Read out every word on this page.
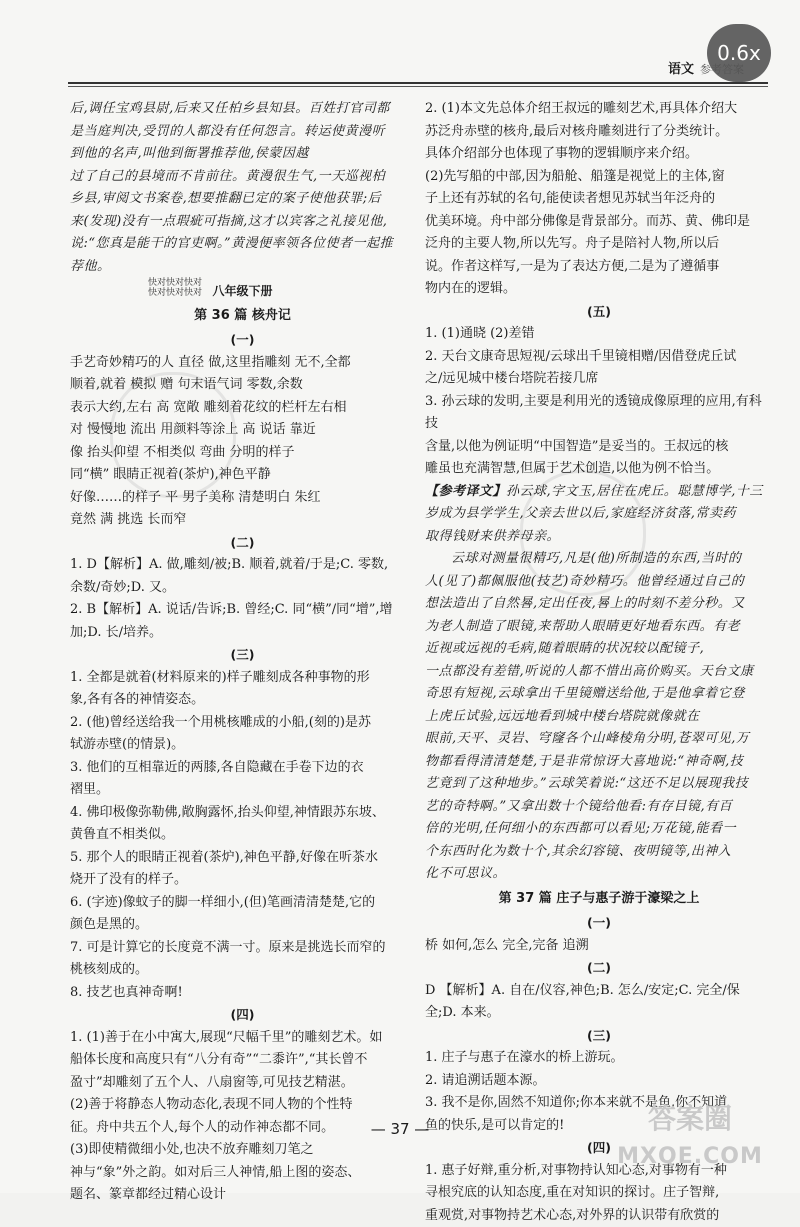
0.6x
语文 参考答案

后,调任宝鸡县尉,后来又任柏乡县知县。百姓打官司都

是当庭判决,受罚的人都没有任何怨言。转运使黄漫听

到他的名声,叫他到衙署推荐他,侯蒙因越

过了自己的县境而不肯前往。黄漫很生气,一天巡视柏

乡县,审阅文书案卷,想要推翻已定的案子使他获罪;后

来(发现)没有一点瑕疵可指摘,这才以宾客之礼接见他,

说:“您真是能干的官吏啊。”黄漫便率领各位使者一起推

荐他。

快对快对快对
快对快对快对 八年级下册
第 36 篇 核舟记
(一)

手艺奇妙精巧的人 直径 做,这里指雕刻 无不,全都

顺着,就着 模拟 赠 句末语气词 零数,余数

表示大约,左右 高 宽敞 雕刻着花纹的栏杆左右相

对 慢慢地 流出 用颜料等涂上 高 说话 靠近

像 抬头仰望 不相类似 弯曲 分明的样子

同“横” 眼睛正视着(茶炉),神色平静

好像……的样子 平 男子美称 清楚明白 朱红

竟然 满 挑选 长而窄

(二)

1. D【解析】A. 做,雕刻/被;B. 顺着,就着/于是;C. 零数,

余数/奇妙;D. 又。

2. B【解析】A. 说话/告诉;B. 曾经;C. 同“横”/同“增”,增

加;D. 长/培养。

(三)

1. 全都是就着(材料原来的)样子雕刻成各种事物的形

象,各有各的神情姿态。

2. (他)曾经送给我一个用桃核雕成的小船,(刻的)是苏

轼游赤壁(的情景)。

3. 他们的互相靠近的两膝,各自隐藏在手卷下边的衣

褶里。

4. 佛印极像弥勒佛,敞胸露怀,抬头仰望,神情跟苏东坡、

黄鲁直不相类似。

5. 那个人的眼睛正视着(茶炉),神色平静,好像在听茶水

烧开了没有的样子。

6. (字迹)像蚊子的脚一样细小,(但)笔画清清楚楚,它的

颜色是黑的。

7. 可是计算它的长度竟不满一寸。原来是挑选长而窄的

桃核刻成的。

8. 技艺也真神奇啊!

(四)

1. (1)善于在小中寓大,展现“尺幅千里”的雕刻艺术。如

船体长度和高度只有“八分有奇”“二黍许”,“其长曾不

盈寸”却雕刻了五个人、八扇窗等,可见技艺精湛。

(2)善于将静态人物动态化,表现不同人物的个性特

征。舟中共五个人,每个人的动作神态都不同。

(3)即使精微细小处,也决不放弃雕刻刀笔之

神与“象”外之韵。如对后三人神情,船上图的姿态、

题名、篆章都经过精心设计

2. (1)本文先总体介绍王叔远的雕刻艺术,再具体介绍大

苏泛舟赤壁的核舟,最后对核舟雕刻进行了分类统计。

具体介绍部分也体现了事物的逻辑顺序来介绍。

(2)先写船的中部,因为船舱、船篷是视觉上的主体,窗

子上还有苏轼的名句,能使读者想见苏轼当年泛舟的

优美环境。舟中部分佛像是背景部分。而苏、黄、佛印是

泛舟的主要人物,所以先写。舟子是陪衬人物,所以后

说。作者这样写,一是为了表达方便,二是为了遵循事

物内在的逻辑。

(五)

1. (1)通晓 (2)差错

2. 天台文康奇思短视/云球出千里镜相赠/因借登虎丘试

之/远见城中楼台塔院若接几席

3. 孙云球的发明,主要是利用光的透镜成像原理的应用,有科技

含量,以他为例证明“中国智造”是妥当的。王叔远的核

雕虽也充满智慧,但属于艺术创造,以他为例不恰当。

【参考译文】孙云球,字文玉,居住在虎丘。聪慧博学,十三

岁成为县学学生,父亲去世以后,家庭经济贫落,常卖药

取得钱财来供养母亲。

云球对测量很精巧,凡是(他)所制造的东西,当时的

人(见了)都佩服他(技艺)奇妙精巧。他曾经通过自己的

想法造出了自然晷,定出任夜,晷上的时刻不差分秒。又

为老人制造了眼镜,来帮助人眼睛更好地看东西。有老

近视或远视的毛病,随着眼睛的状况较以配镜子,

一点都没有差错,听说的人都不惜出高价购买。天台文康

奇思有短视,云球拿出千里镜赠送给他,于是他拿着它登

上虎丘试验,远远地看到城中楼台塔院就像就在

眼前,天平、灵岩、穹窿各个山峰棱角分明,苍翠可见,万

物都看得清清楚楚,于是非常惊讶大喜地说:“神奇啊,技

艺竟到了这种地步。”云球笑着说:“这还不足以展现我技

艺的奇特啊。”又拿出数十个镜给他看:有存目镜,有百

倍的光明,任何细小的东西都可以看见;万花镜,能看一

个东西时化为数十个,其余幻容镜、夜明镜等,出神入

化不可思议。

第 37 篇 庄子与惠子游于濠梁之上
(一)

桥 如何,怎么 完全,完备 追溯

(二)

D 【解析】A. 自在/仪容,神色;B. 怎么/安定;C. 完全/保

全;D. 本来。

(三)

1. 庄子与惠子在濠水的桥上游玩。

2. 请追溯话题本源。

3. 我不是你,固然不知道你;你本来就不是鱼,你不知道

鱼的快乐,是可以肯定的!

(四)

1. 惠子好辩,重分析,对事物持认知心态,对事物有一种

寻根究底的认知态度,重在对知识的探讨。庄子智辩,

重观赏,对事物持艺术心态,对外界的认识带有欣赏的

— 37 —	答案圈
MXQE.COM
